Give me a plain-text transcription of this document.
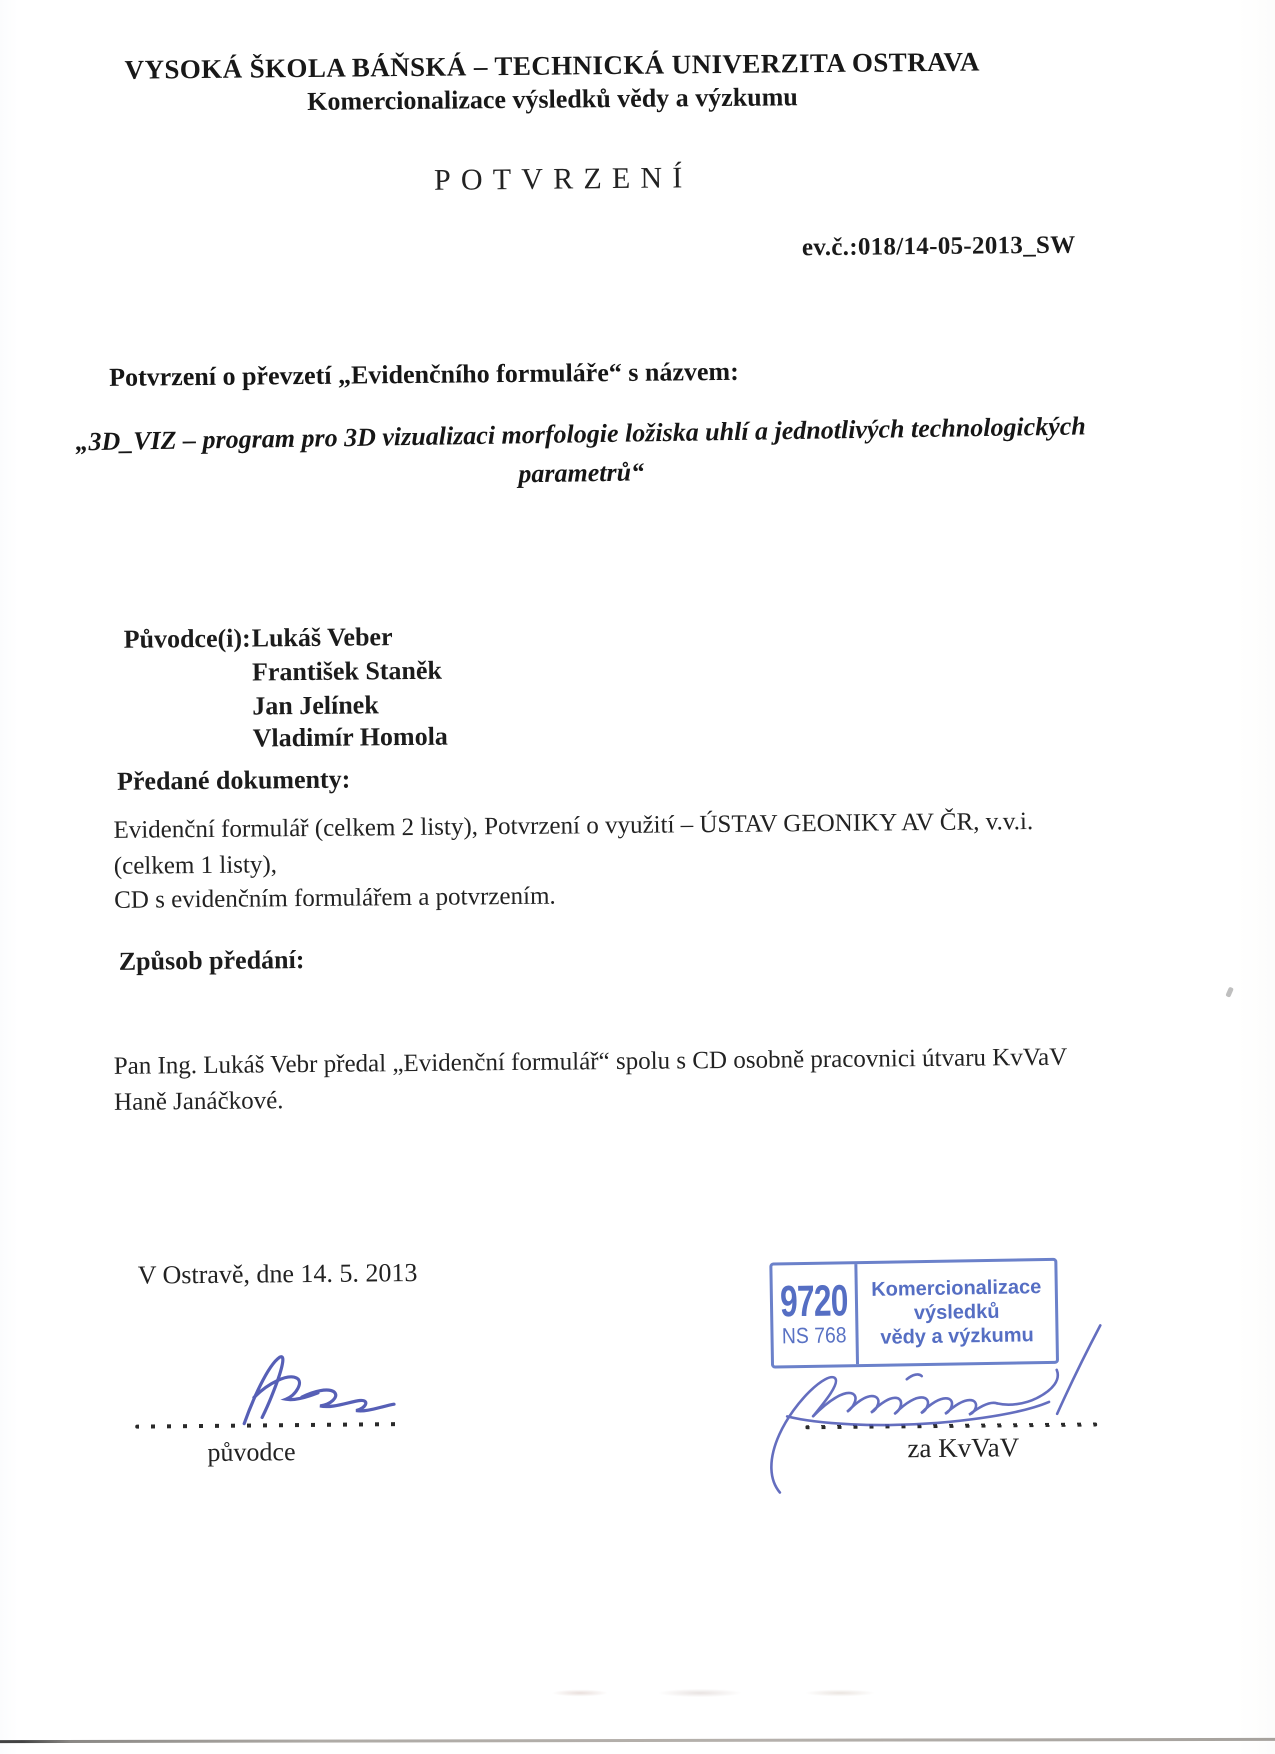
VYSOKÁ ŠKOLA BÁŇSKÁ – TECHNICKÁ UNIVERZITA OSTRAVA
Komercionalizace výsledků vědy a výzkumu
POTVRZENÍ
ev.č.:018/14-05-2013_SW
Potvrzení o převzetí „Evidenčního formuláře“ s názvem:
„3D_VIZ – program pro 3D vizualizaci morfologie ložiska uhlí a jednotlivých technologických
parametrů“
Původce(i): Lukáš Veber
František Staněk
Jan Jelínek
Vladimír Homola
Předané dokumenty:
Evidenční formulář (celkem 2 listy), Potvrzení o využití – ÚSTAV GEONIKY AV ČR, v.v.i.
(celkem 1 listy),
CD s evidenčním formulářem a potvrzením.
Způsob předání:
Pan Ing. Lukáš Vebr předal „Evidenční formulář“ spolu s CD osobně pracovnici útvaru KvVaV
Haně Janáčkové.
V Ostravě, dne 14. 5. 2013
9720
NS 768
Komercionalizace
výsledků
vědy a výzkumu
původce	za KvVaV
